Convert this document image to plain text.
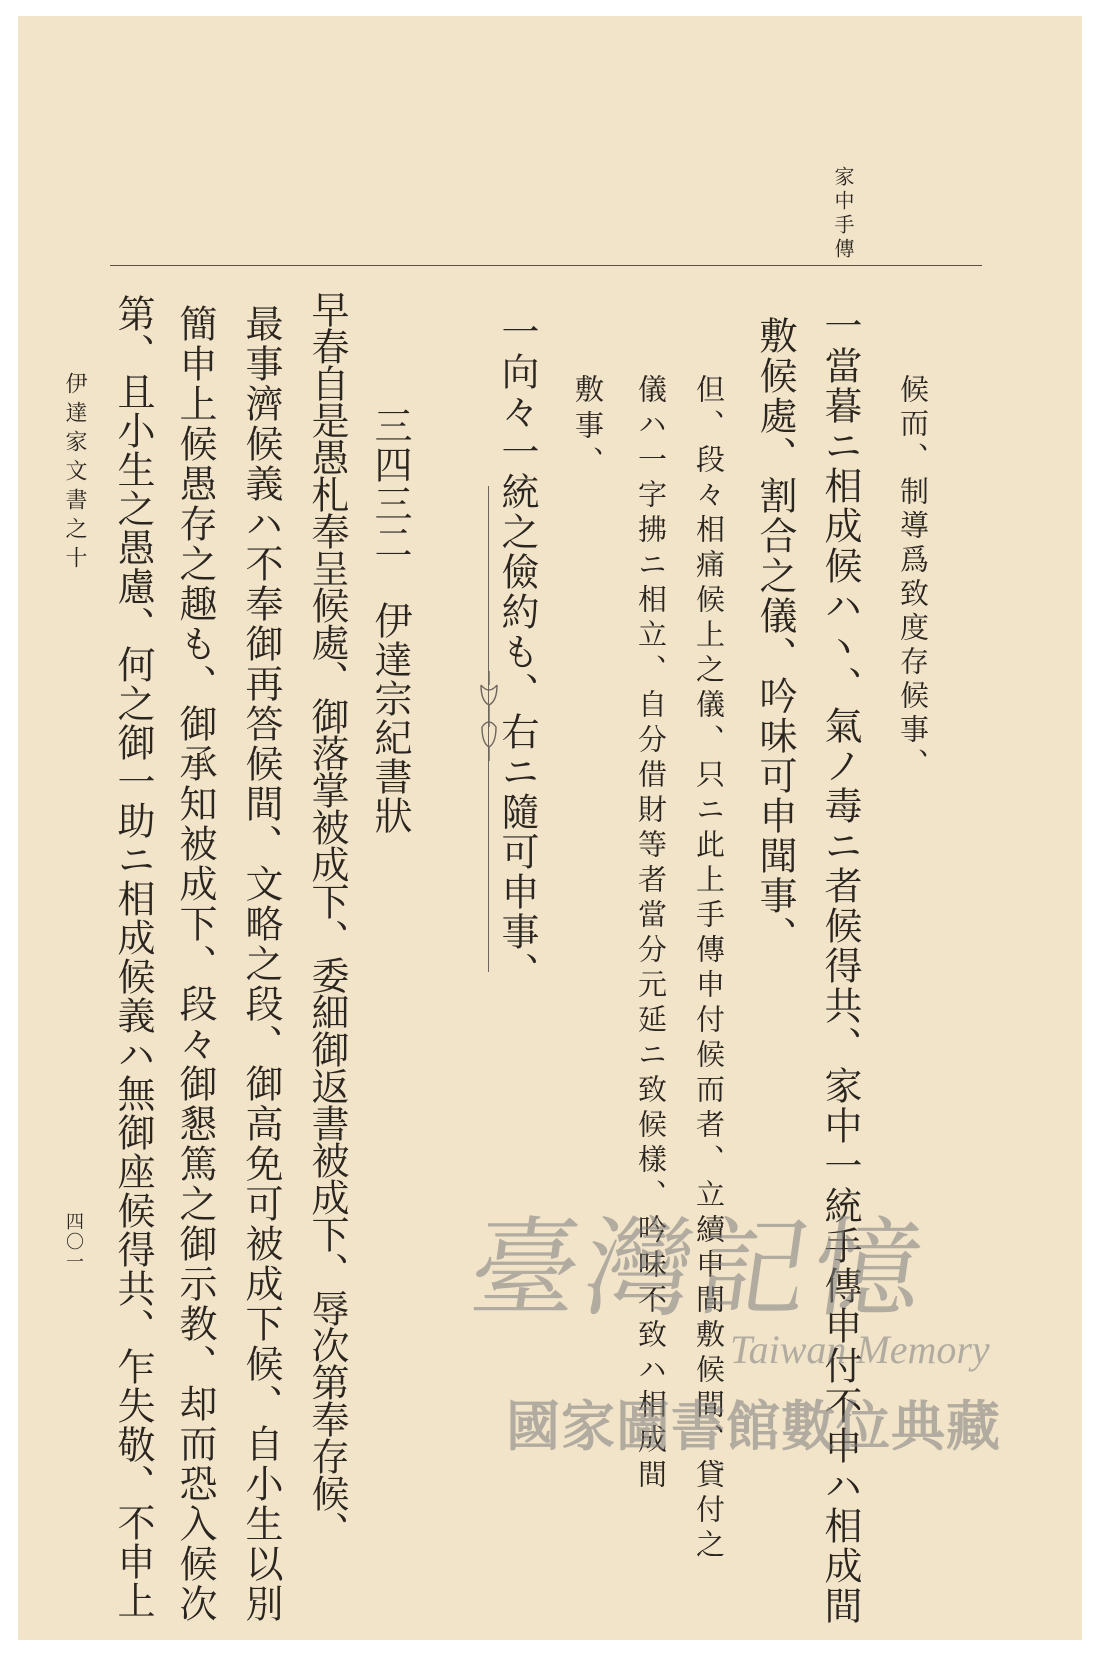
家中手傳
候而、制導爲致度存候事、
一當暮ニ相成候ハヽ、氣ノ毒ニ者候得共、家中一統手傳申付不申ハ相成間
敷候處、割合之儀、吟味可申聞事、
但、段々相痛候上之儀、只ニ此上手傳申付候而者、立續申間敷候間、貸付之
儀ハ一字拂ニ相立、自分借財等者當分元延ニ致候樣、吟味不致ハ相成間
敷事、
一向々一統之儉約も、右ニ隨可申事、
三四三二　伊達宗紀書狀
早春自是愚札奉呈候處、御落掌被成下、委細御返書被成下、辱次第奉存候、
最事濟候義ハ不奉御再答候間、文略之段、御高免可被成下候、自小生以別
簡申上候愚存之趣も、御承知被成下、段々御懇篤之御示教、却而恐入候次
第、且小生之愚慮、何之御一助ニ相成候義ハ無御座候得共、乍失敬、不申上
伊達家文書之十
四〇一	臺灣記憶
Taiwan Memory
國家圖書館數位典藏
